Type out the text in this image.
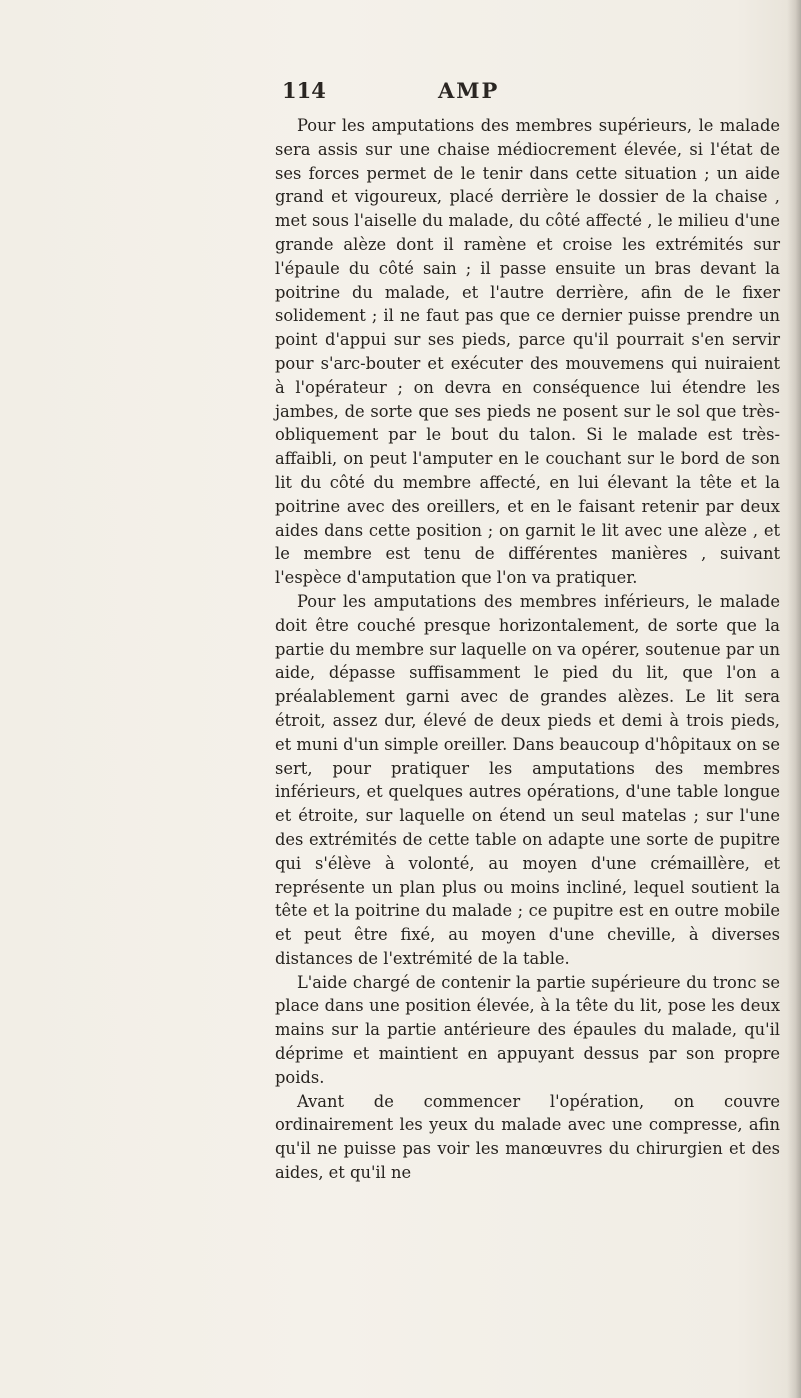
114	AMP

Pour les amputations des membres supérieurs, le malade sera assis sur une chaise médiocrement élevée, si l'état de ses forces permet de le tenir dans cette situation ; un aide grand et vigoureux, placé derrière le dossier de la chaise , met sous l'aiselle du malade, du côté affecté , le milieu d'une grande alèze dont il ramène et croise les extrémités sur l'épaule du côté sain ; il passe ensuite un bras devant la poitrine du malade, et l'autre derrière, afin de le fixer solidement ; il ne faut pas que ce dernier puisse prendre un point d'appui sur ses pieds, parce qu'il pourrait s'en servir pour s'arc-bouter et exécuter des mouvemens qui nuiraient à l'opérateur ; on devra en conséquence lui étendre les jambes, de sorte que ses pieds ne posent sur le sol que très-obliquement par le bout du talon. Si le malade est très-affaibli, on peut l'amputer en le couchant sur le bord de son lit du côté du membre affecté, en lui élevant la tête et la poitrine avec des oreillers, et en le faisant retenir par deux aides dans cette position ; on garnit le lit avec une alèze , et le membre est tenu de différentes manières , suivant l'espèce d'amputation que l'on va pratiquer.

Pour les amputations des membres inférieurs, le malade doit être couché presque horizontalement, de sorte que la partie du membre sur laquelle on va opérer, soutenue par un aide, dépasse suffisamment le pied du lit, que l'on a préalablement garni avec de grandes alèzes. Le lit sera étroit, assez dur, élevé de deux pieds et demi à trois pieds, et muni d'un simple oreiller. Dans beaucoup d'hôpitaux on se sert, pour pratiquer les amputations des membres inférieurs, et quelques autres opérations, d'une table longue et étroite, sur laquelle on étend un seul matelas ; sur l'une des extrémités de cette table on adapte une sorte de pupitre qui s'élève à volonté, au moyen d'une crémaillère, et représente un plan plus ou moins incliné, lequel soutient la tête et la poitrine du malade ; ce pupitre est en outre mobile et peut être fixé, au moyen d'une cheville, à diverses distances de l'extrémité de la table.

L'aide chargé de contenir la partie supérieure du tronc se place dans une position élevée, à la tête du lit, pose les deux mains sur la partie antérieure des épaules du malade, qu'il déprime et maintient en appuyant dessus par son propre poids.

Avant de commencer l'opération, on couvre ordinairement les yeux du malade avec une compresse, afin qu'il ne puisse pas voir les manœuvres du chirurgien et des aides, et qu'il ne
